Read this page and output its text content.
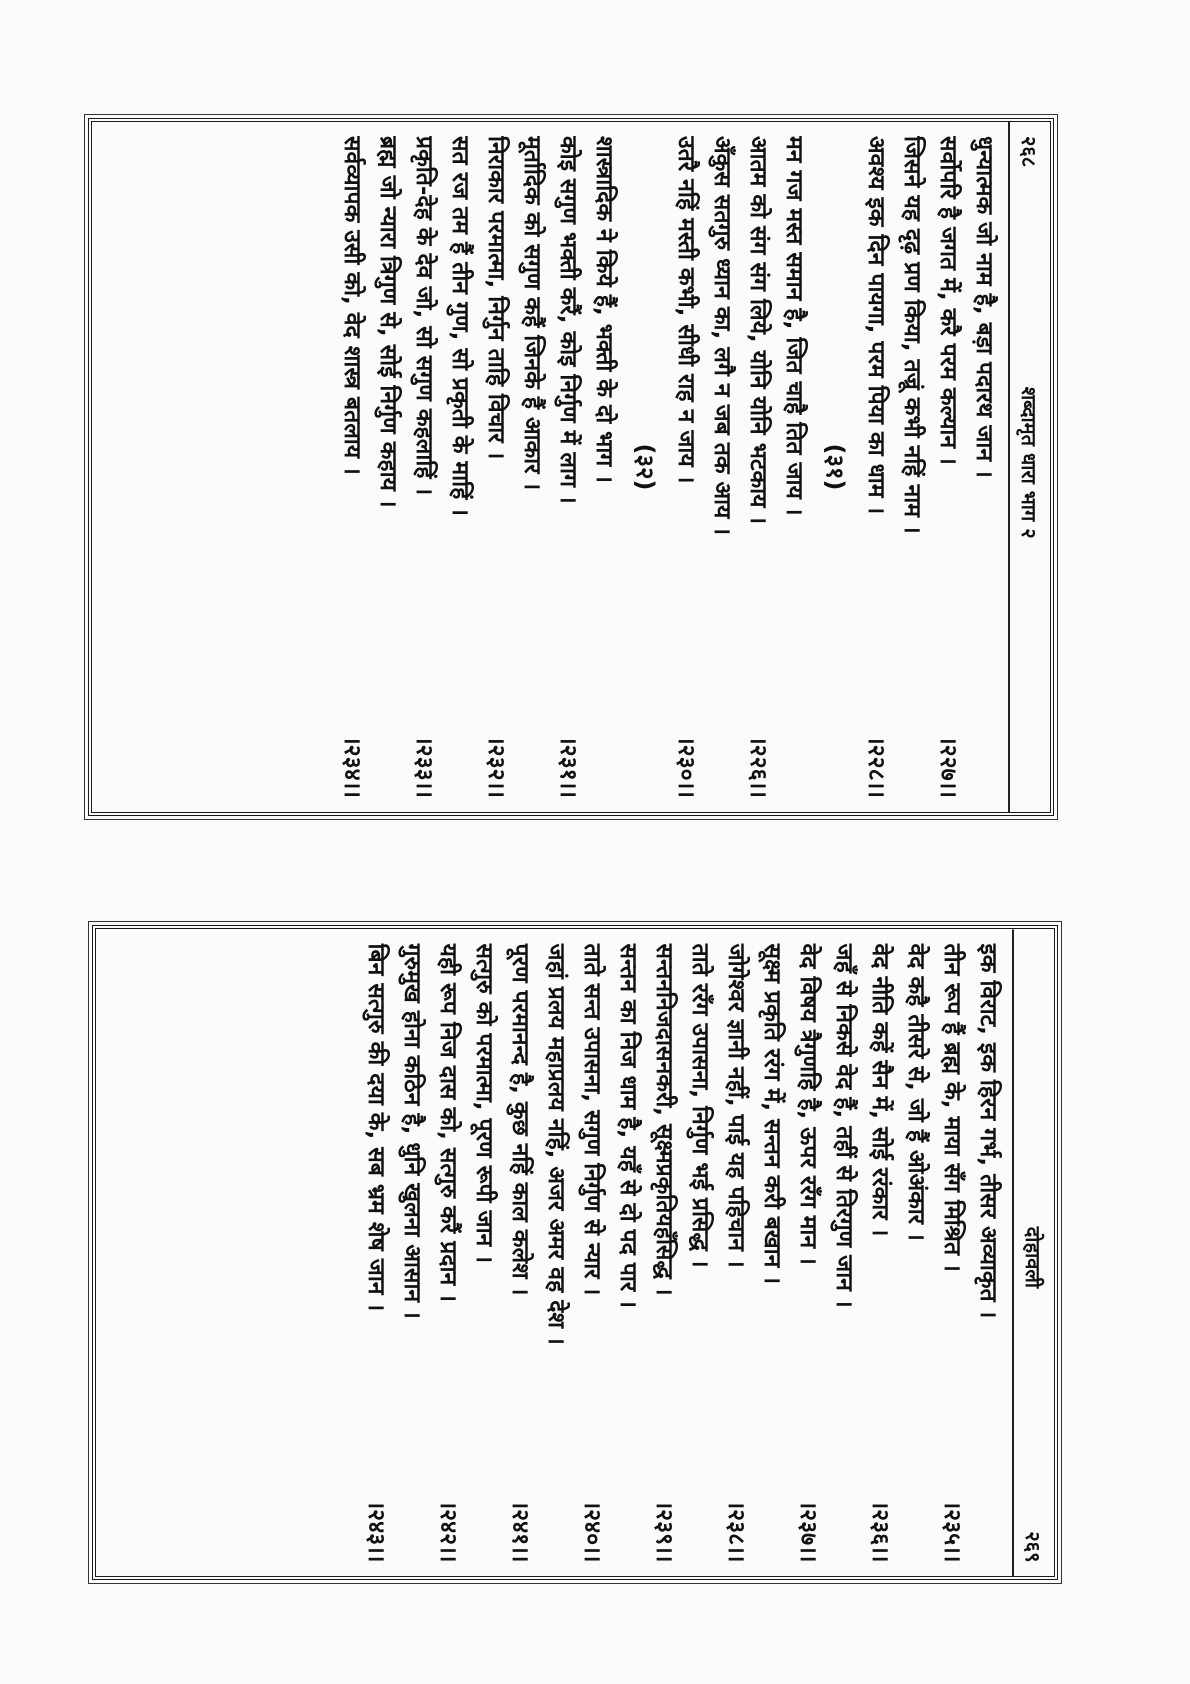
२६८
शब्दामृत धारा भाग २
धुन्यात्मक जो नाम है, बड़ा पदारथ जान ।
सर्वोपरि है जगत में, करै परम कल्यान ।
।२२७।।
जिसने यह दृढ़ प्रण किया, तज्रूं कभी नहिं नाम ।
अवश्य इक दिन पायगा, परम पिया का धाम ।
।२२८।।
(३१)
मन गज मस्त समान है, जित चाहै तित जाय ।
आतम को संग संग लिये, योनि योनि भटकाय ।
।२२६।।
अँकुस सतगुरु ध्यान का, लगै न जब तक आय ।
उतरै नहिं मस्ती कभी, सीधी राह न जाय ।
।२३०।।
(३२)
शास्त्रादिक ने किये हैं, भक्ती के दो भाग ।
कोइ सगुण भक्ती करैं, कोइ निर्गुण में लाग ।
।२३१।।
मूर्तादिक को सगुण कहैं जिनके हैं आकार ।
निराकार परमात्मा, निर्गुन ताहि विचार ।
।२३२।।
सत रज तम हैं तीन गुण, सो प्रकृती के माहिं ।
प्रकृति-देह के देव जो, सो सगुण कहलाहिं ।
।२३३।।
ब्रह्म जो न्यारा त्रिगुण से, सोई निर्गुण कहाय ।
सर्वव्यापक उसी को, वेद शास्त्र बतलाय ।
।२३४।।
दोहावली
२६९
इक विराट, इक हिरन गर्भ, तीसर अव्याकृत ।
तीन रूप हैं ब्रह्म के, माया सँग मिश्रित ।
।२३५।।
वेद कहै तीसरे से, जो हैं ओअंकार ।
वेद नीति कहें सैन में, सोई ररंकार ।
।२३६।।
जहँ से निकसे वेद हैं, तहीं से तिरगुण जान ।
वेद विषय त्रैगुणहि है, ऊपर ररँग मान ।
।२३७।।
सूक्ष्म प्रकृति ररंग में, सन्तन करी बखान ।
जोगेश्वर ज्ञानी नहीं, पाई यह पहिचान ।
।२३८।।
ताते ररँग उपासना, निर्गुण भई प्रसिद्ध ।
सन्तननिजदासनकरी, सूक्ष्मप्रकृतियहँसिद्ध ।
।२३९।।
सन्तन का निज धाम है, यहँ से दो पद पार ।
ताते सन्त उपासना, सगुण निर्गुण से न्यार ।
।२४०।।
जहां प्रलय महाप्रलय नहिं, अजर अमर वह देश ।
पूरण परमानन्द है, कुछ नहिं काल कलेश ।
।२४१।।
सत्गुरु को परमात्मा, पूरण रूपी जान ।
यही रूप निज दास को, सत्गुरु करैं प्रदान ।
।२४२।।
गुरुमुख होना कठिन है, धुनि खुलना आसान ।
बिन सत्गुरु की दया के, सब भ्रम शेष जान ।
।२४३।।
